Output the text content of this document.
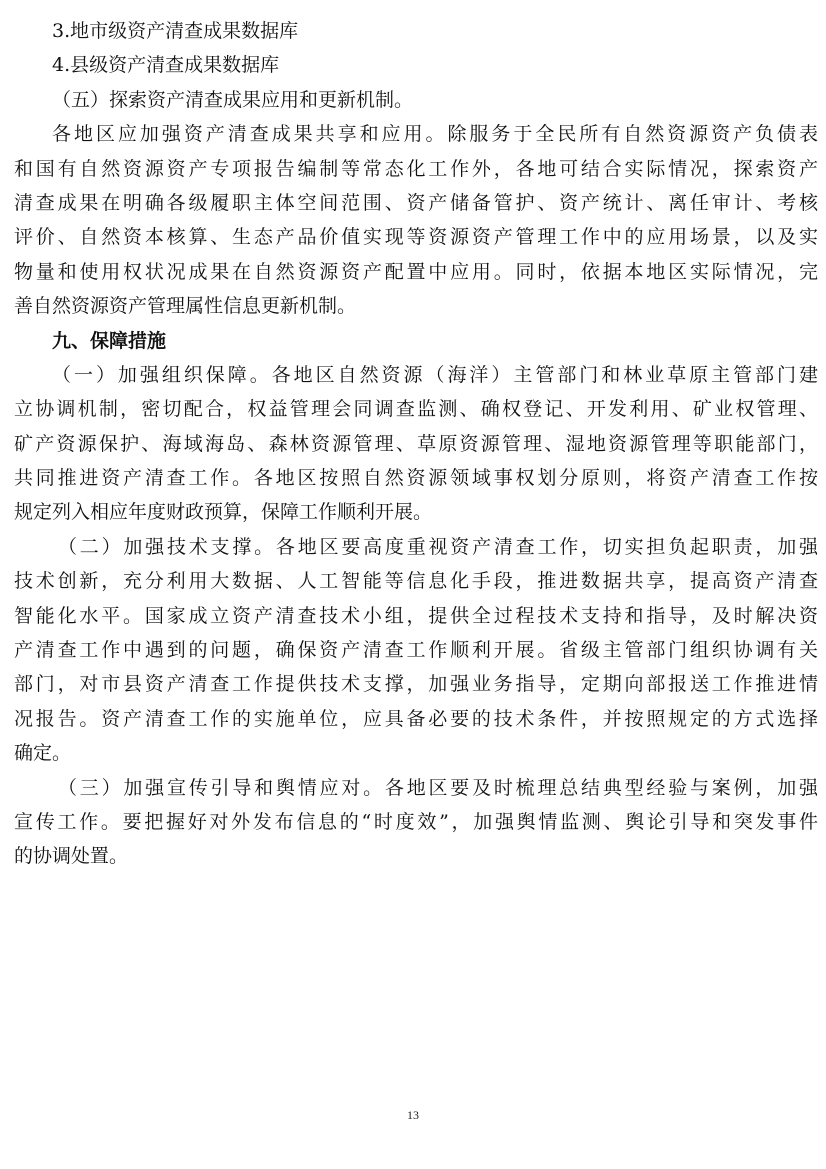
3.地市级资产清查成果数据库
4.县级资产清查成果数据库
（五）探索资产清查成果应用和更新机制。
各地区应加强资产清查成果共享和应用。除服务于全民所有自然资源资产负债表
和国有自然资源资产专项报告编制等常态化工作外，各地可结合实际情况，探索资产
清查成果在明确各级履职主体空间范围、资产储备管护、资产统计、离任审计、考核
评价、自然资本核算、生态产品价值实现等资源资产管理工作中的应用场景，以及实
物量和使用权状况成果在自然资源资产配置中应用。同时，依据本地区实际情况，完
善自然资源资产管理属性信息更新机制。
九、保障措施
（一）加强组织保障。各地区自然资源（海洋）主管部门和林业草原主管部门建
立协调机制，密切配合，权益管理会同调查监测、确权登记、开发利用、矿业权管理、
矿产资源保护、海域海岛、森林资源管理、草原资源管理、湿地资源管理等职能部门，
共同推进资产清查工作。各地区按照自然资源领域事权划分原则，将资产清查工作按
规定列入相应年度财政预算，保障工作顺利开展。
（二）加强技术支撑。各地区要高度重视资产清查工作，切实担负起职责，加强
技术创新，充分利用大数据、人工智能等信息化手段，推进数据共享，提高资产清查
智能化水平。国家成立资产清查技术小组，提供全过程技术支持和指导，及时解决资
产清查工作中遇到的问题，确保资产清查工作顺利开展。省级主管部门组织协调有关
部门，对市县资产清查工作提供技术支撑，加强业务指导，定期向部报送工作推进情
况报告。资产清查工作的实施单位，应具备必要的技术条件，并按照规定的方式选择
确定。
（三）加强宣传引导和舆情应对。各地区要及时梳理总结典型经验与案例，加强
宣传工作。要把握好对外发布信息的“时度效”，加强舆情监测、舆论引导和突发事件
的协调处置。
13
